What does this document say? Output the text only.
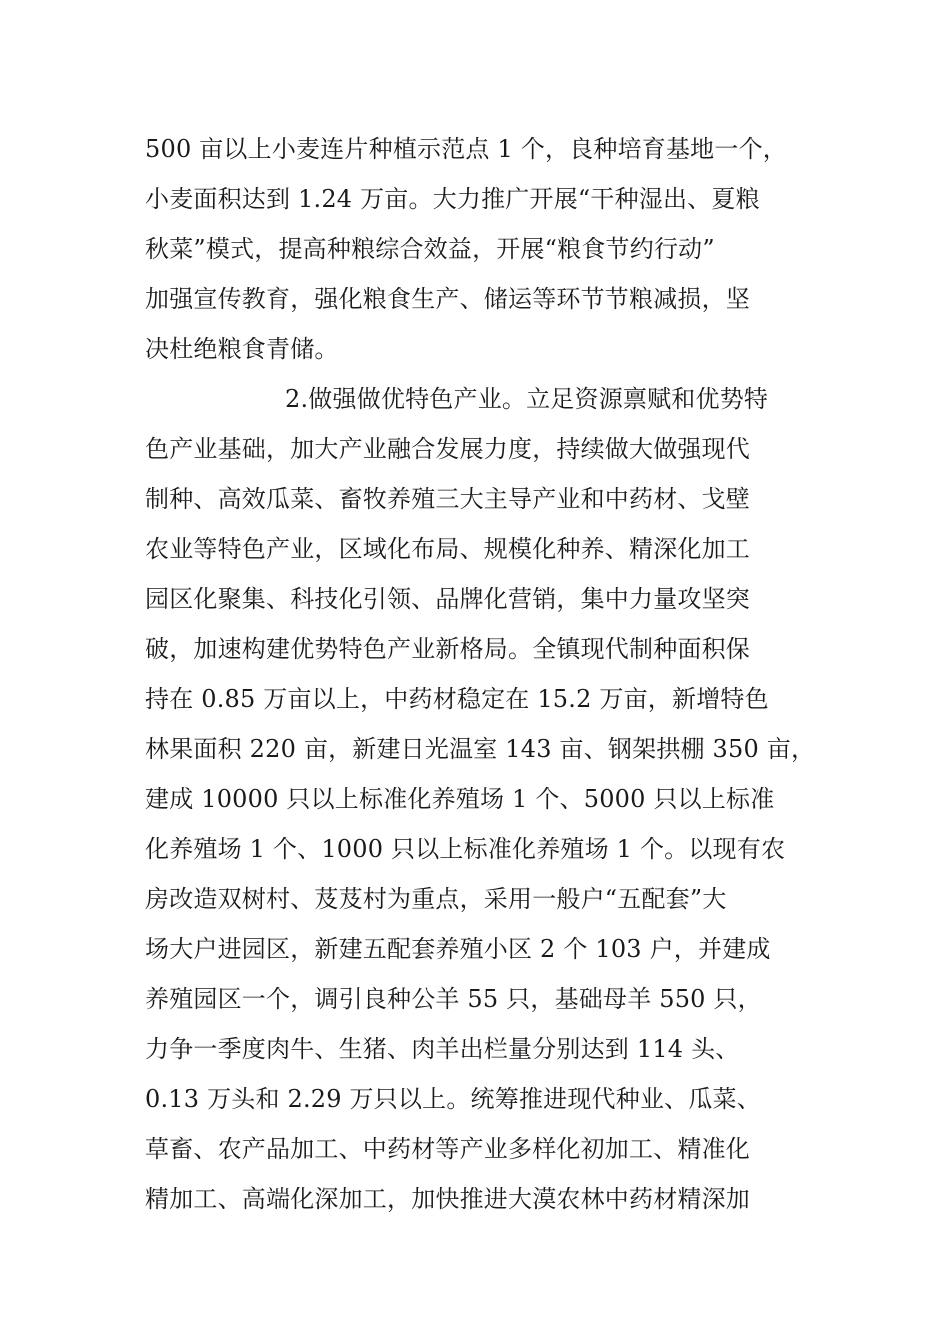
500 亩以上小麦连片种植示范点 1 个，良种培育基地一个，
小麦面积达到 1.24 万亩。大力推广开展“干种湿出、夏粮
秋菜”模式，提高种粮综合效益，开展“粮食节约行动”
加强宣传教育，强化粮食生产、储运等环节节粮减损，坚
决杜绝粮食青储。
2.做强做优特色产业。立足资源禀赋和优势特
色产业基础，加大产业融合发展力度，持续做大做强现代
制种、高效瓜菜、畜牧养殖三大主导产业和中药材、戈壁
农业等特色产业，区域化布局、规模化种养、精深化加工
园区化聚集、科技化引领、品牌化营销，集中力量攻坚突
破，加速构建优势特色产业新格局。全镇现代制种面积保
持在 0.85 万亩以上，中药材稳定在 15.2 万亩，新增特色
林果面积 220 亩，新建日光温室 143 亩、钢架拱棚 350 亩，
建成 10000 只以上标准化养殖场 1 个、5000 只以上标准
化养殖场 1 个、1000 只以上标准化养殖场 1 个。以现有农
房改造双树村、芨芨村为重点，采用一般户“五配套”大
场大户进园区，新建五配套养殖小区 2 个 103 户，并建成
养殖园区一个，调引良种公羊 55 只，基础母羊 550 只，
力争一季度肉牛、生猪、肉羊出栏量分别达到 114 头、
0.13 万头和 2.29 万只以上。统筹推进现代种业、瓜菜、
草畜、农产品加工、中药材等产业多样化初加工、精准化
精加工、高端化深加工，加快推进大漠农林中药材精深加
